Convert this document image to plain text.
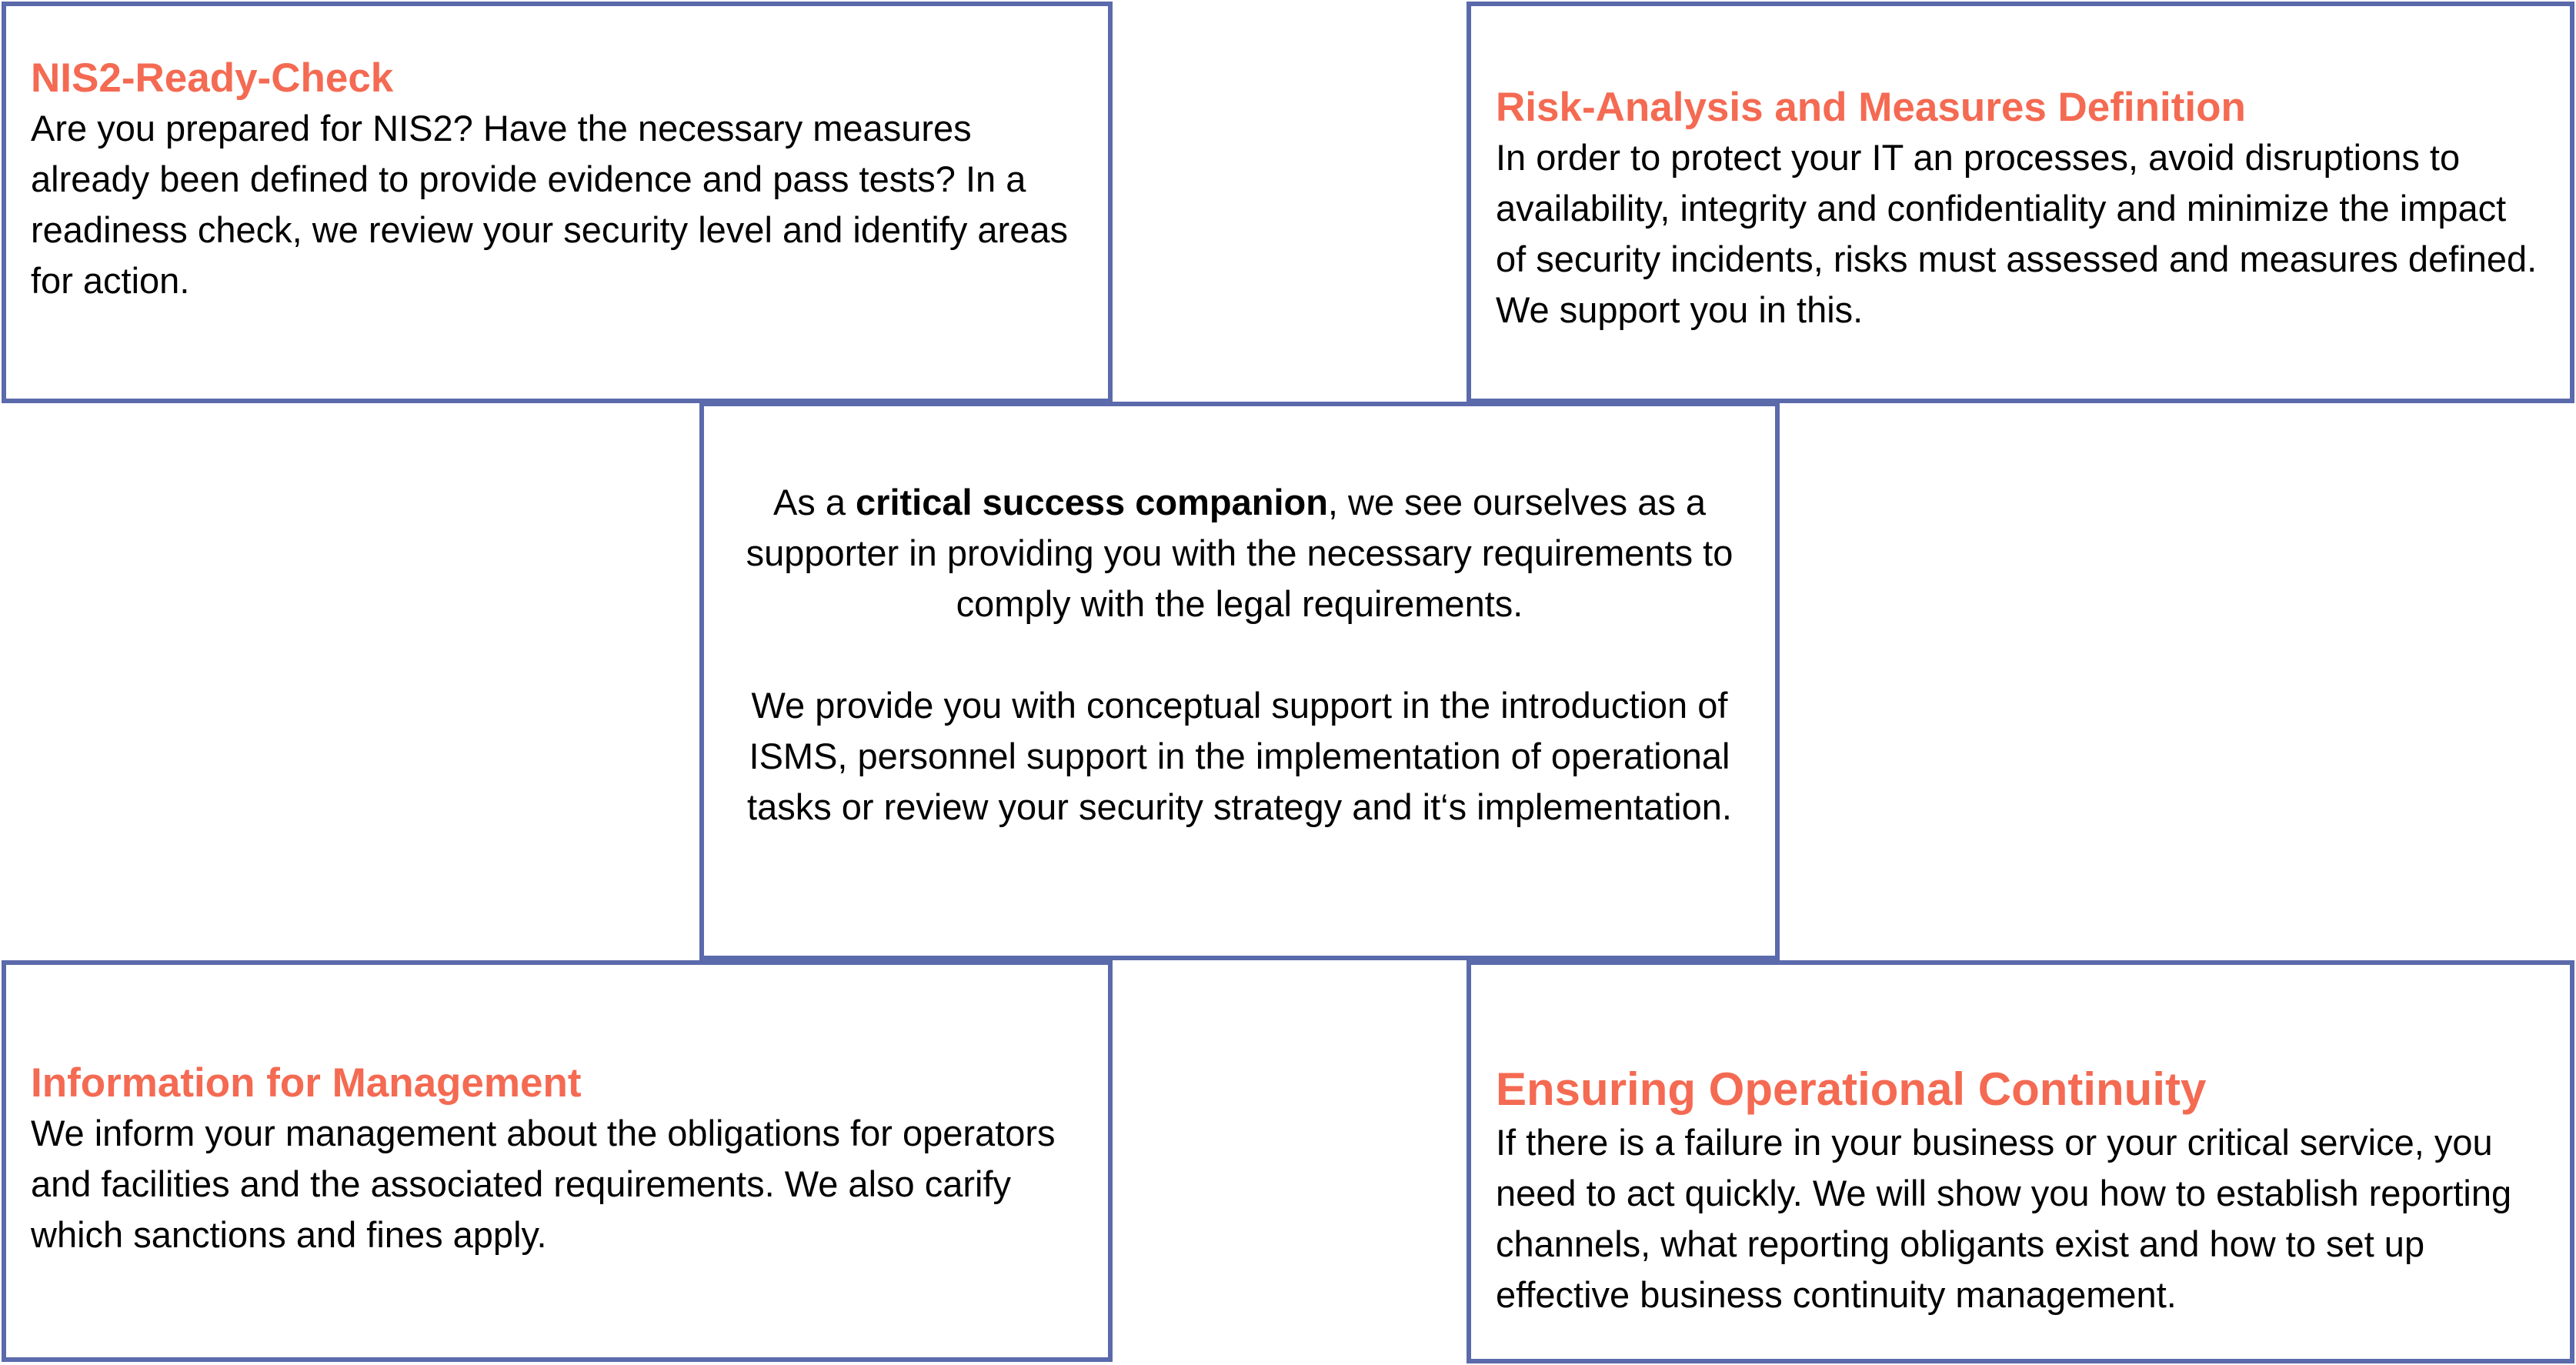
NIS2-Ready-Check

Are you prepared for NIS2? Have the necessary measures already been defined to provide evidence and pass tests? In a readiness check, we review your security level and identify areas for action.

Risk-Analysis and Measures Definition

In order to protect your IT an processes, avoid disruptions to availability, integrity and confidentiality and minimize the impact of security incidents, risks must assessed and measures defined. We support you in this.

As a critical success companion, we see ourselves as a supporter in providing you with the necessary requirements to comply with the legal requirements.

We provide you with conceptual support in the introduction of ISMS, personnel support in the implementation of operational tasks or review your security strategy and it‘s implementation.

Information for Management

We inform your management about the obligations for operators and facilities and the associated requirements. We also carify which sanctions and fines apply.

Ensuring Operational Continuity

If there is a failure in your business or your critical service, you need to act quickly. We will show you how to establish reporting channels, what reporting obligants exist and how to set up effective business continuity management.
